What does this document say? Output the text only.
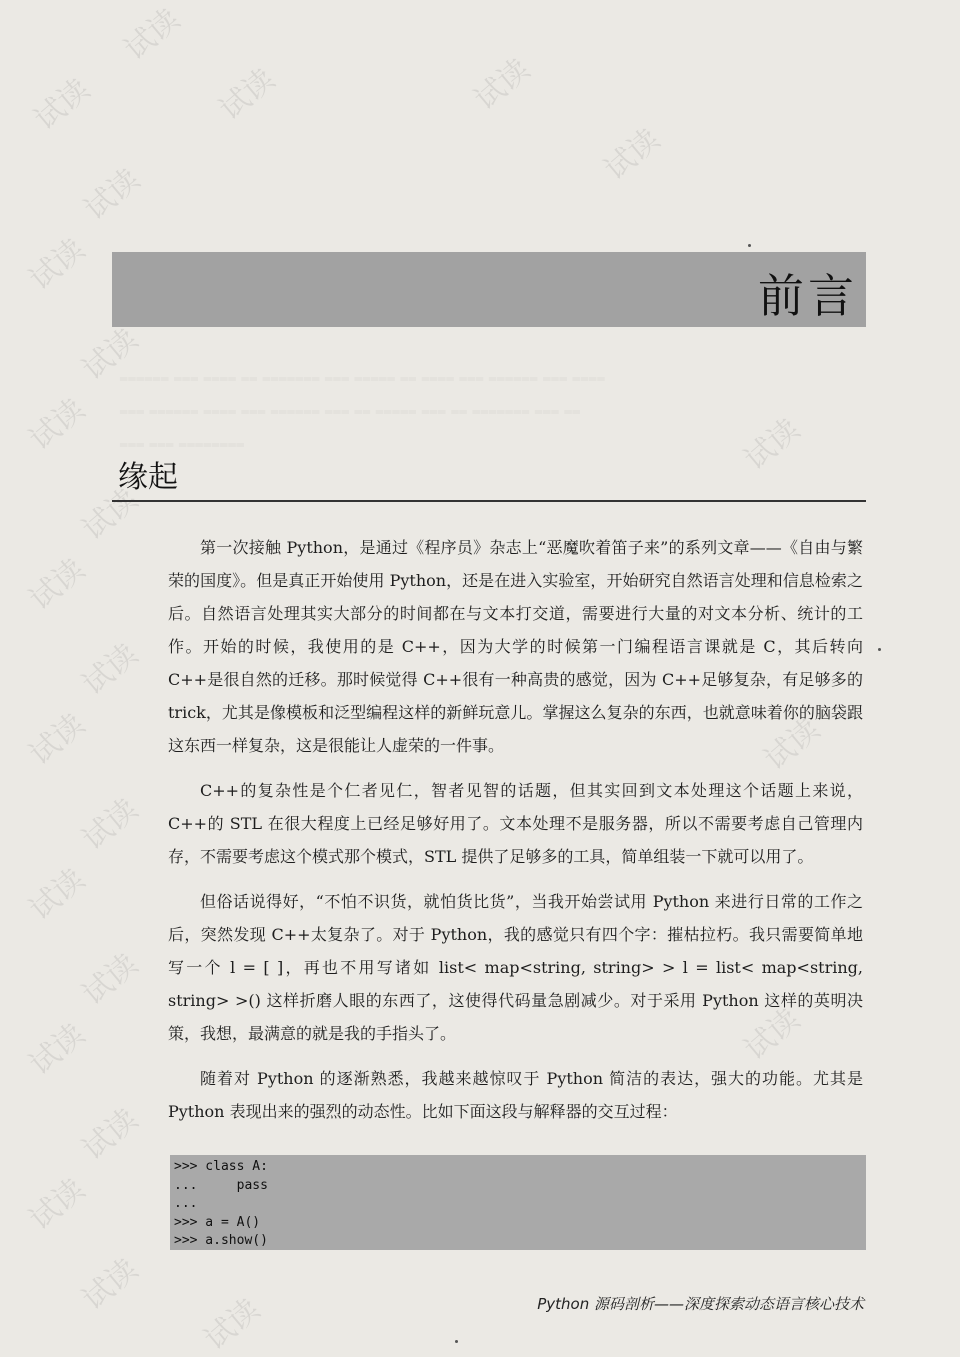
试读
试读
试读
试读
试读
试读
试读
试读
试读
试读
试读
试读
试读
试读
试读
试读
试读
试读
试读
试读
试读
试读
试读
试读
══════ ═══ ════ ══ ═══════ ═══ ═════ ══ ════ ═══ ══════ ═══ ════
═══ ══════ ════ ═══ ══════ ═══ ══ ═════ ═══ ══ ═══════ ═══ ══
═══ ═══ ════════
前言
缘起

第一次接触 Python，是通过《程序员》杂志上“恶魔吹着笛子来”的系列文章——《自由与繁荣的国度》。但是真正开始使用 Python，还是在进入实验室，开始研究自然语言处理和信息检索之后。自然语言处理其实大部分的时间都在与文本打交道，需要进行大量的对文本分析、统计的工作。开始的时候，我使用的是 C++，因为大学的时候第一门编程语言课就是 C，其后转向 C++是很自然的迁移。那时候觉得 C++很有一种高贵的感觉，因为 C++足够复杂，有足够多的 trick，尤其是像模板和泛型编程这样的新鲜玩意儿。掌握这么复杂的东西，也就意味着你的脑袋跟这东西一样复杂，这是很能让人虚荣的一件事。

C++的复杂性是个仁者见仁，智者见智的话题，但其实回到文本处理这个话题上来说，C++的 STL 在很大程度上已经足够好用了。文本处理不是服务器，所以不需要考虑自己管理内存，不需要考虑这个模式那个模式，STL 提供了足够多的工具，简单组装一下就可以用了。

但俗话说得好，“不怕不识货，就怕货比货”，当我开始尝试用 Python 来进行日常的工作之后，突然发现 C++太复杂了。对于 Python，我的感觉只有四个字：摧枯拉朽。我只需要简单地写一个 l = [ ]，再也不用写诸如 list< map<string, string> > l = list< map<string, string> >() 这样折磨人眼的东西了，这使得代码量急剧减少。对于采用 Python 这样的英明决策，我想，最满意的就是我的手指头了。

随着对 Python 的逐渐熟悉，我越来越惊叹于 Python 简洁的表达，强大的功能。尤其是 Python 表现出来的强烈的动态性。比如下面这段与解释器的交互过程：

>>> class A:
...     pass
...
>>> a = A()
>>> a.show()
Python 源码剖析——深度探索动态语言核心技术
